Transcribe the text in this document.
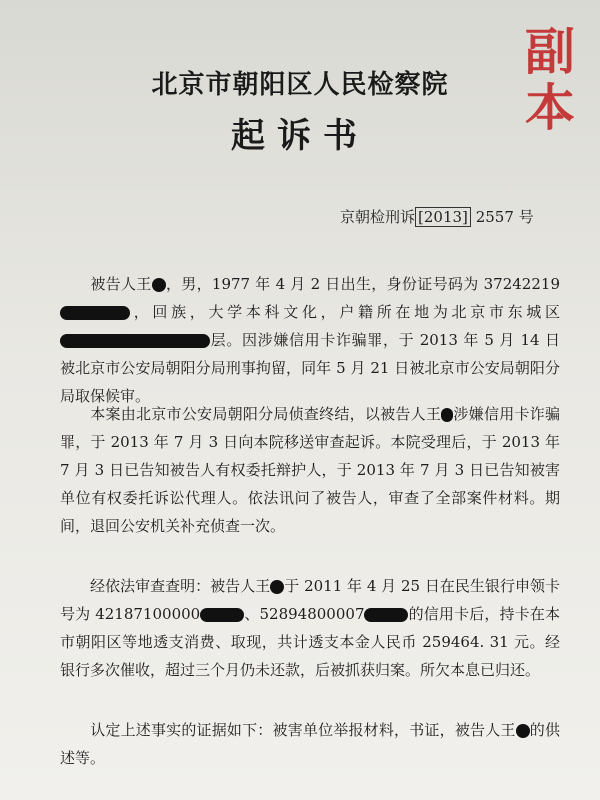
副
本
北京市朝阳区人民检察院
起诉书
京朝检刑诉 [2013] 2557 号
  被告人王 ，男，1977 年 4 月 2 日出生，身份证号码为 37242219，回族，大学本科文化，户籍所在地为北京市东城区层。因涉嫌信用卡诈骗罪，于 2013 年 5 月 14 日被北京市公安局朝阳分局刑事拘留，同年 5 月 21 日被北京市公安局朝阳分局取保候审。
  本案由北京市公安局朝阳分局侦查终结，以被告人王 涉嫌信用卡诈骗罪，于 2013 年 7 月 3 日向本院移送审查起诉。本院受理后，于 2013 年 7 月 3 日已告知被告人有权委托辩护人，于 2013 年 7 月 3 日已告知被害单位有权委托诉讼代理人。依法讯问了被告人，审查了全部案件材料。期间，退回公安机关补充侦查一次。
  经依法审查查明：被告人王 于 2011 年 4 月 25 日在民生银行申领卡号为 42187100000	、52894800007	的信用卡后，持卡在本市朝阳区等地透支消费、取现，共计透支本金人民币 259464. 31 元。经银行多次催收，超过三个月仍未还款，后被抓获归案。所欠本息已归还。
  认定上述事实的证据如下：被害单位举报材料，书证，被告人王 的供述等。
